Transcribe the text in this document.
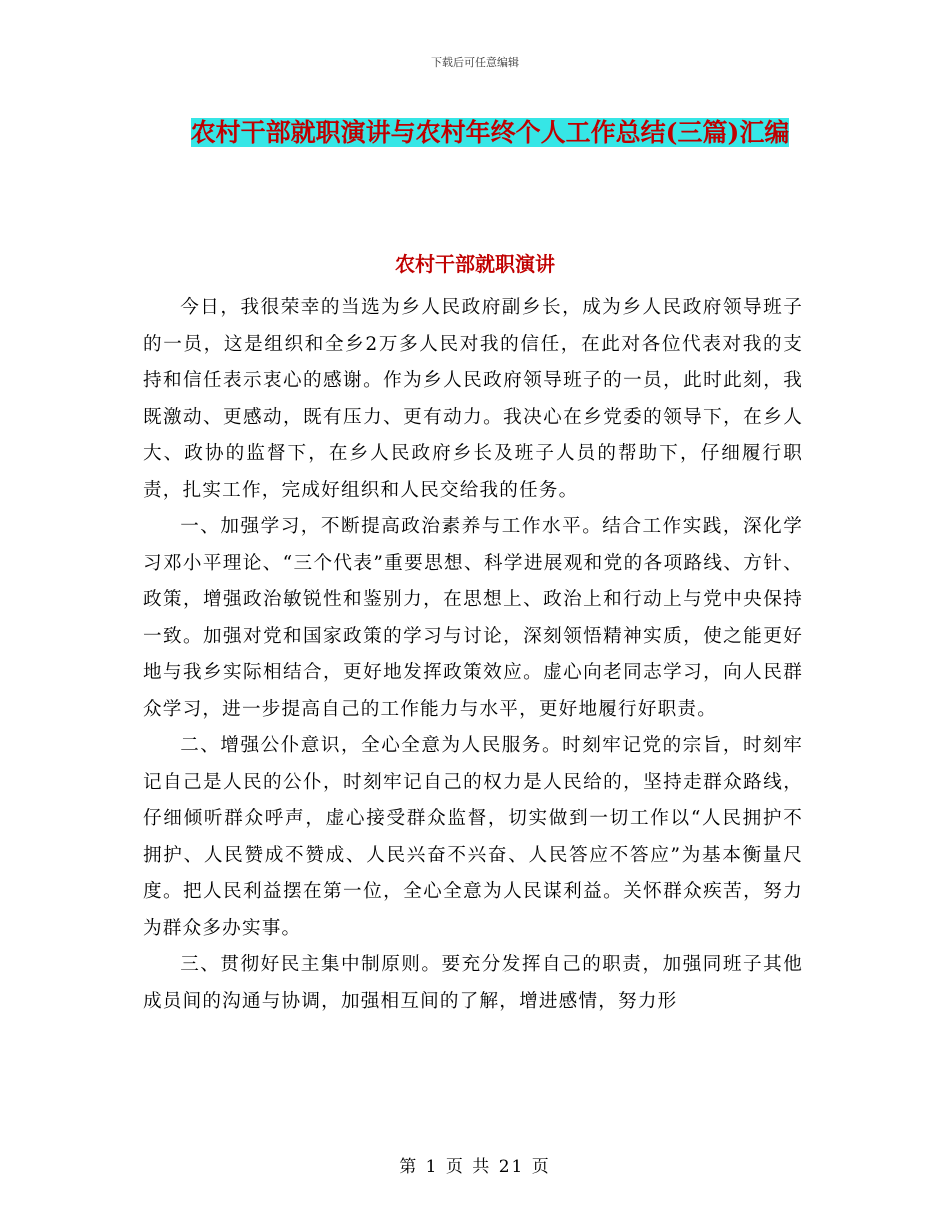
下载后可任意编辑
农村干部就职演讲与农村年终个人工作总结(三篇)汇编
农村干部就职演讲

今日，我很荣幸的当选为乡人民政府副乡长，成为乡人民政府领导班子的一员，这是组织和全乡2万多人民对我的信任，在此对各位代表对我的支持和信任表示衷心的感谢。作为乡人民政府领导班子的一员，此时此刻，我既激动、更感动，既有压力、更有动力。我决心在乡党委的领导下，在乡人大、政协的监督下，在乡人民政府乡长及班子人员的帮助下，仔细履行职责，扎实工作，完成好组织和人民交给我的任务。

一、加强学习，不断提高政治素养与工作水平。结合工作实践，深化学习邓小平理论、“三个代表”重要思想、科学进展观和党的各项路线、方针、政策，增强政治敏锐性和鉴别力，在思想上、政治上和行动上与党中央保持一致。加强对党和国家政策的学习与讨论，深刻领悟精神实质，使之能更好地与我乡实际相结合，更好地发挥政策效应。虚心向老同志学习，向人民群众学习，进一步提高自己的工作能力与水平，更好地履行好职责。

二、增强公仆意识，全心全意为人民服务。时刻牢记党的宗旨，时刻牢记自己是人民的公仆，时刻牢记自己的权力是人民给的，坚持走群众路线，仔细倾听群众呼声，虚心接受群众监督，切实做到一切工作以“人民拥护不拥护、人民赞成不赞成、人民兴奋不兴奋、人民答应不答应”为基本衡量尺度。把人民利益摆在第一位，全心全意为人民谋利益。关怀群众疾苦，努力为群众多办实事。

三、贯彻好民主集中制原则。要充分发挥自己的职责，加强同班子其他成员间的沟通与协调，加强相互间的了解，增进感情，努力形

第 1 页 共 21 页
